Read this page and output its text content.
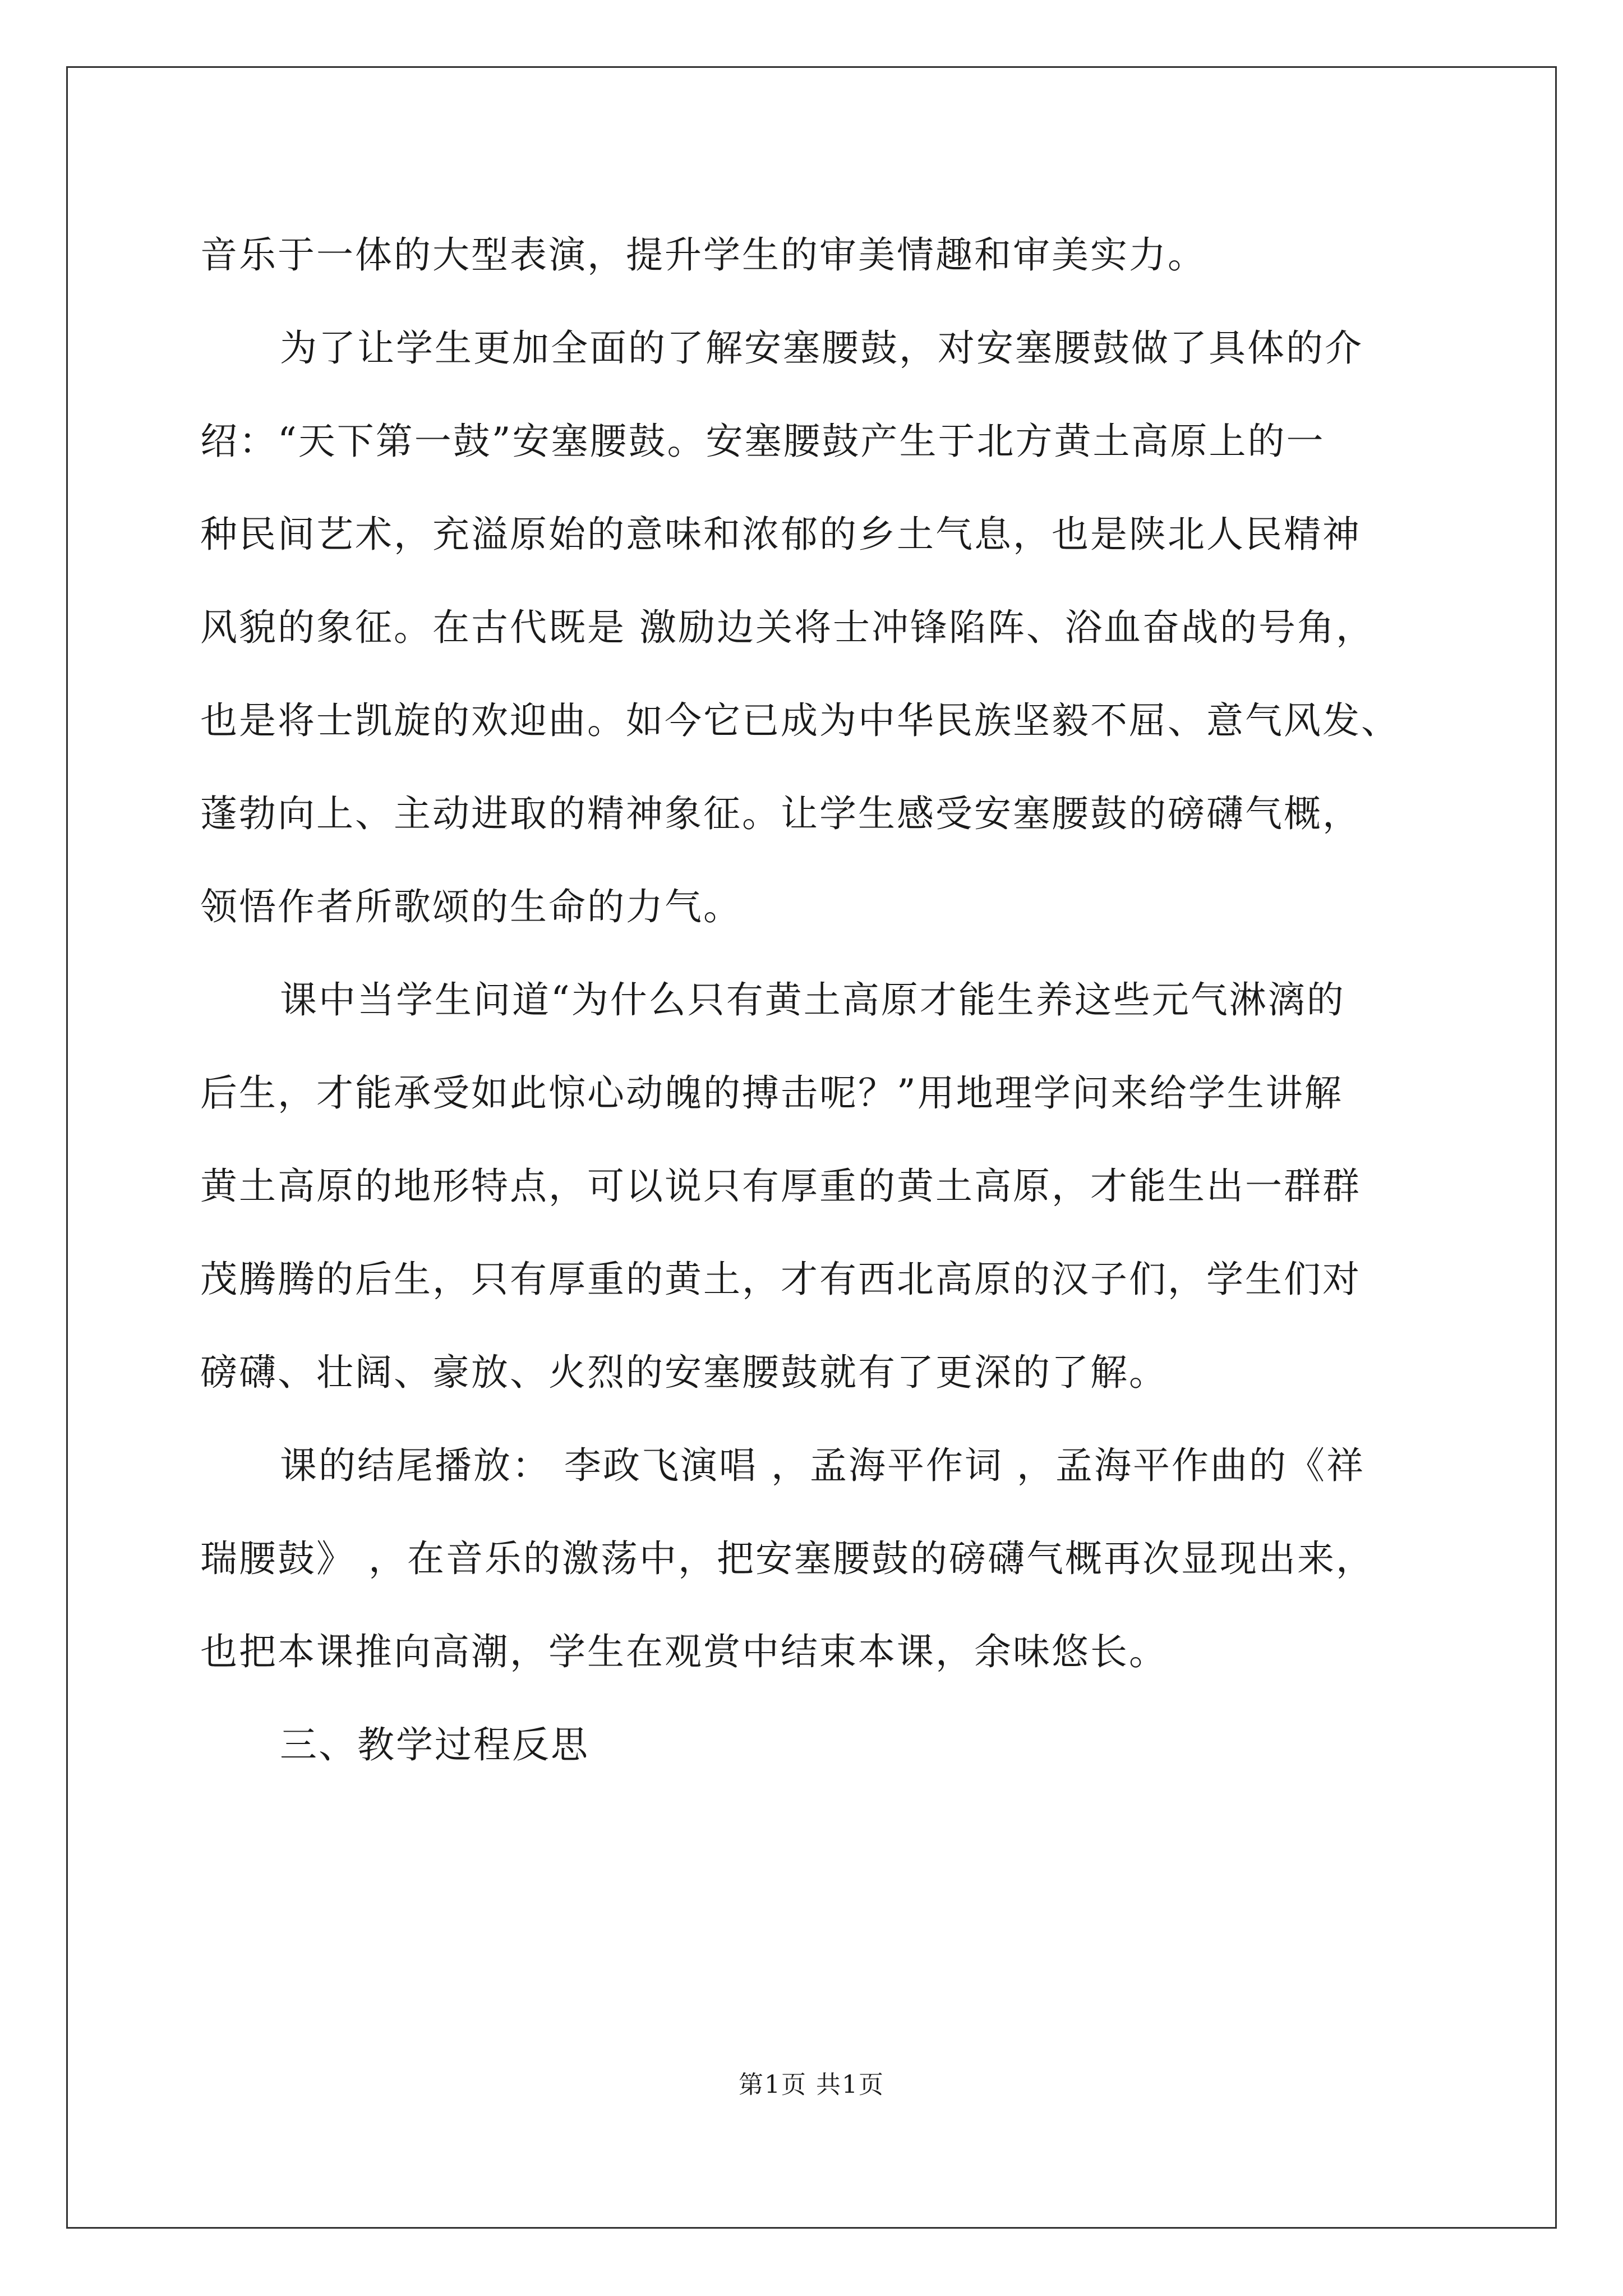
音乐于一体的大型表演，提升学生的审美情趣和审美实力。

为了让学生更加全面的了解安塞腰鼓，对安塞腰鼓做了具体的介
绍：“天下第一鼓”安塞腰鼓。安塞腰鼓产生于北方黄土高原上的一
种民间艺术，充溢原始的意味和浓郁的乡土气息，也是陕北人民精神
风貌的象征。在古代既是 激励边关将士冲锋陷阵、浴血奋战的号角，
也是将士凯旋的欢迎曲。如今它已成为中华民族坚毅不屈、意气风发、
蓬勃向上、主动进取的精神象征。让学生感受安塞腰鼓的磅礴气概，
领悟作者所歌颂的生命的力气。

课中当学生问道“为什么只有黄土高原才能生养这些元气淋漓的
后生，才能承受如此惊心动魄的搏击呢？”用地理学问来给学生讲解
黄土高原的地形特点，可以说只有厚重的黄土高原，才能生出一群群
茂腾腾的后生，只有厚重的黄土，才有西北高原的汉子们，学生们对
磅礴、壮阔、豪放、火烈的安塞腰鼓就有了更深的了解。

课的结尾播放： 李政飞演唱 ，孟海平作词 ，孟海平作曲的《祥
瑞腰鼓》 ，在音乐的激荡中，把安塞腰鼓的磅礴气概再次显现出来，
也把本课推向高潮，学生在观赏中结束本课，余味悠长。

三、教学过程反思

第1页 共1页
